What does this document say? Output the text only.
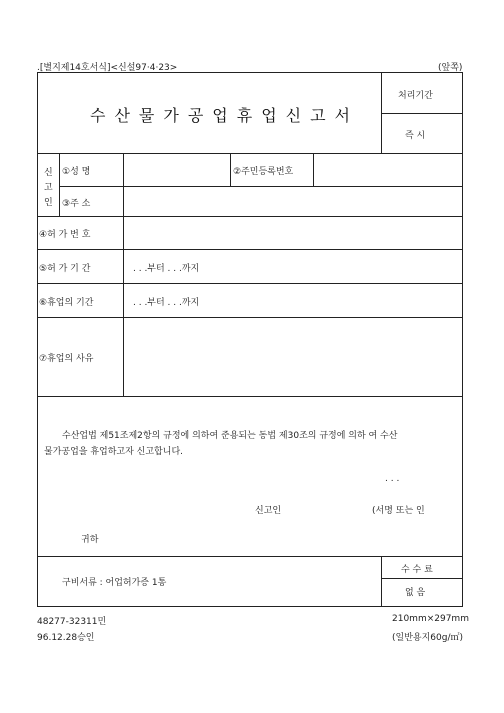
.[별지제14호서식]<신설97·4·23>	(앞쪽)
수산물가공업휴업신고서
처리기간
즉 시
신
고
인
①성 명	②주민등록번호
③주 소
④허 가 번 호
⑤허 가 기 간	. . .부터 . . .까지
⑥휴업의 기간	. . .부터 . . .까지
⑦휴업의 사유
수산업법 제51조제2항의 규정에 의하여 준용되는 동법 제30조의 규정에 의하 여 수산
물가공업을 휴업하고자 신고합니다.
. . .
신고인	(서명 또는 인
귀하
구비서류 : 어업허가증 1통
수 수 료
없 음
48277-32311민
96.12.28승인
210mm×297mm
(일반용지60g/㎡)
